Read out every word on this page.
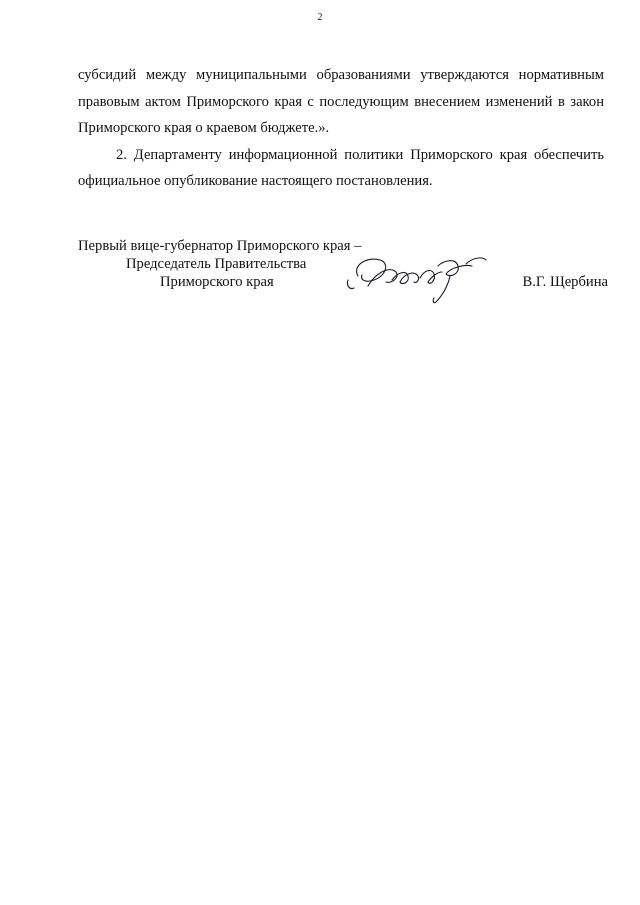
2

субсидий между муниципальными образованиями утверждаются нормативным правовым актом Приморского края с последующим внесением изменений в закон Приморского края о краевом бюджете.».

2. Департаменту информационной политики Приморского края обеспечить официальное опубликование настоящего постановления.

Первый вице-губернатор Приморского края –
Председатель Правительства
Приморского края	В.Г. Щербина
